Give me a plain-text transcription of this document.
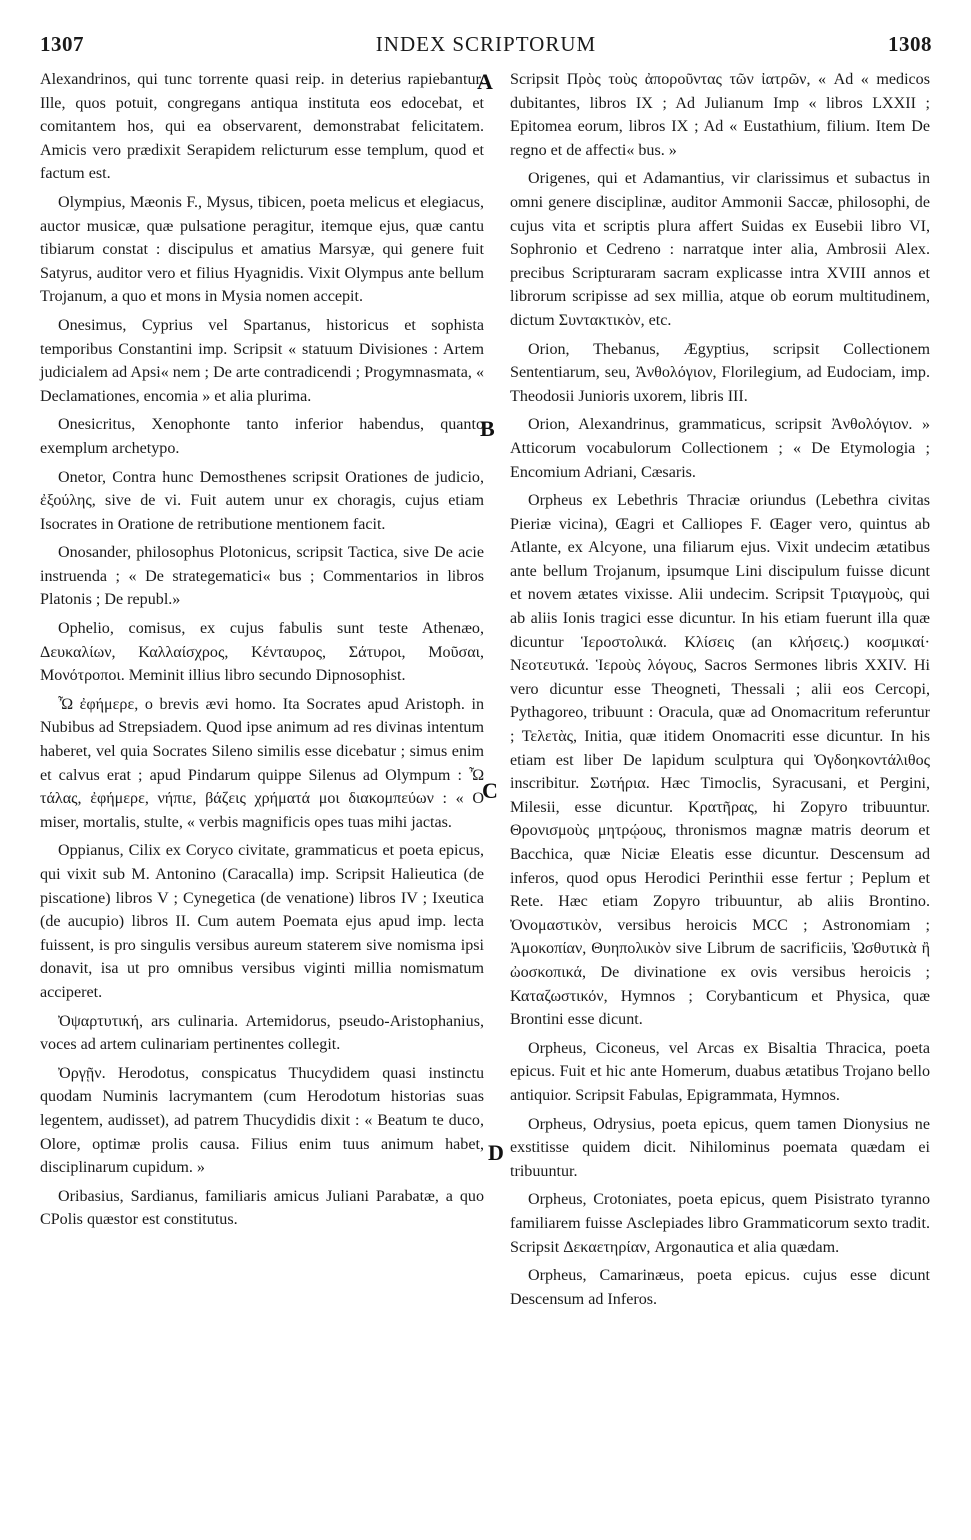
1307	INDEX SCRIPTORUM	1308
A
B
C
D

Alexandrinos, qui tunc torrente quasi reip. in deterius rapiebantur. Ille, quos potuit, congregans antiqua instituta eos edocebat, et comitantem hos, qui ea observarent, demonstrabat felicitatem. Amicis vero prædixit Serapidem relicturum esse templum, quod et factum est.

Olympius, Mæonis F., Mysus, tibicen, poeta melicus et elegiacus, auctor musicæ, quæ pulsatione peragitur, itemque ejus, quæ cantu tibiarum constat : discipulus et amatius Marsyæ, qui genere fuit Satyrus, auditor vero et filius Hyagnidis. Vixit Olympus ante bellum Trojanum, a quo et mons in Mysia nomen accepit.

Onesimus, Cyprius vel Spartanus, historicus et sophista temporibus Constantini imp. Scripsit « statuum Divisiones : Artem judicialem ad Apsi« nem ; De arte contradicendi ; Progymnasmata, « Declamationes, encomia » et alia plurima.

Onesicritus, Xenophonte tanto inferior habendus, quanto exemplum archetypo.

Onetor, Contra hunc Demosthenes scripsit Orationes de judicio, ἐξούλης, sive de vi. Fuit autem unur ex choragis, cujus etiam Isocrates in Oratione de retributione mentionem facit.

Onosander, philosophus Plotonicus, scripsit Tactica, sive De acie instruenda ; « De strategematici« bus ; Commentarios in libros Platonis ; De republ.»

Ophelio, comisus, ex cujus fabulis sunt teste Athenæo, Δευκαλίων, Καλλαίσχρος, Κένταυρος, Σάτυροι, Μοῦσαι, Μονότροποι. Meminit illius libro secundo Dipnosophist.

Ὦ ἐφήμερε, o brevis ævi homo. Ita Socrates apud Aristoph. in Nubibus ad Strepsiadem. Quod ipse animum ad res divinas intentum haberet, vel quia Socrates Sileno similis esse dicebatur ; simus enim et calvus erat ; apud Pindarum quippe Silenus ad Olympum : Ὦ τάλας, ἐφήμερε, νήπιε, βάζεις χρήματά μοι διακομπεύων : « O miser, mortalis, stulte, « verbis magnificis opes tuas mihi jactas.

Oppianus, Cilix ex Coryco civitate, grammaticus et poeta epicus, qui vixit sub M. Antonino (Caracalla) imp. Scripsit Halieutica (de piscatione) libros V ; Cynegetica (de venatione) libros IV ; Ixeutica (de aucupio) libros II. Cum autem Poemata ejus apud imp. lecta fuissent, is pro singulis versibus aureum staterem sive nomisma ipsi donavit, isa ut pro omnibus versibus viginti millia nomismatum acciperet.

Ὀψαρτυτική, ars culinaria. Artemidorus, pseudo-Aristophanius, voces ad artem culinariam pertinentes collegit.

Ὀργῇν. Herodotus, conspicatus Thucydidem quasi instinctu quodam Numinis lacrymantem (cum Herodotum historias suas legentem, audisset), ad patrem Thucydidis dixit : « Beatum te duco, Olore, optimæ prolis causa. Filius enim tuus animum habet, disciplinarum cupidum. »

Oribasius, Sardianus, familiaris amicus Juliani Parabatæ, a quo CPolis quæstor est constitutus.

Scripsit Πρὸς τοὺς ἀπορoῦντας τῶν ἰατρῶν, « Ad « medicos dubitantes, libros IX ; Ad Julianum Imp « libros LXXII ; Epitomea eorum, libros IX ; Ad « Eustathium, filium. Item De regno et de affecti« bus. »

Origenes, qui et Adamantius, vir clarissimus et subactus in omni genere disciplinæ, auditor Ammonii Saccæ, philosophi, de cujus vita et scriptis plura affert Suidas ex Eusebii libro VI, Sophronio et Cedreno : narratque inter alia, Ambrosii Alex. precibus Scripturaram sacram explicasse intra XVIII annos et librorum scripisse ad sex millia, atque ob eorum multitudinem, dictum Συντακτικὸν, etc.

Orion, Thebanus, Ægyptius, scripsit Collectionem Sententiarum, seu, Ἀνθολόγιον, Florilegium, ad Eudociam, imp. Theodosii Junioris uxorem, libris III.

Orion, Alexandrinus, grammaticus, scripsit Ἀνθολόγιον. » Atticorum vocabulorum Collectionem ; « De Etymologia ; Encomium Adriani, Cæsaris.

Orpheus ex Lebethris Thraciæ oriundus (Lebethra civitas Pieriæ vicina), Œagri et Calliopes F. Œager vero, quintus ab Atlante, ex Alcyone, una filiarum ejus. Vixit undecim ætatibus ante bellum Trojanum, ipsumque Lini discipulum fuisse dicunt et novem ætates vixisse. Alii undecim. Scripsit Τριαγμοὺς, qui ab aliis Ionis tragici esse dicuntur. In his etiam fuerunt illa quæ dicuntur Ἱεροστολικά. Κλίσεις (an κλήσεις.) κοσμικαί· Νεοτευτικά. Ἱεροὺς λόγους, Sacros Sermones libris XXIV. Hi vero dicuntur esse Theogneti, Thessali ; alii eos Cercopi, Pythagoreo, tribuunt : Oracula, quæ ad Onomacritum referuntur ; Τελετὰς, Initia, quæ itidem Onomacriti esse dicuntur. In his etiam est liber De lapidum sculptura qui Ὀγδοηκοντάλιθος inscribitur. Σωτήρια. Hæc Timoclis, Syracusani, et Pergini, Milesii, esse dicuntur. Κρατῆρας, hi Zopyro tribuuntur. Θρονισμοὺς μητρῴους, thronismos magnæ matris deorum et Bacchica, quæ Niciæ Eleatis esse dicuntur. Descensum ad inferos, quod opus Herodici Perinthii esse fertur ; Peplum et Rete. Hæc etiam Zopyro tribuuntur, ab aliis Brontino. Ὀνομαστικὸν, versibus heroicis MCC ; Astronomiam ; Ἀμοκοπίαν, Θυηπολικὸν sive Librum de sacrificiis, Ὠσθυτικὰ ἢ ὠοσκοπικά, De divinatione ex ovis versibus heroicis ; Καταζωστικόν, Hymnos ; Corybanticum et Physica, quæ Brontini esse dicunt.

Orpheus, Ciconeus, vel Arcas ex Bisaltia Thracica, poeta epicus. Fuit et hic ante Homerum, duabus ætatibus Trojano bello antiquior. Scripsit Fabulas, Epigrammata, Hymnos.

Orpheus, Odrysius, poeta epicus, quem tamen Dionysius ne exstitisse quidem dicit. Nihilominus poemata quædam ei tribuuntur.

Orpheus, Crotoniates, poeta epicus, quem Pisistrato tyranno familiarem fuisse Asclepiades libro Grammaticorum sexto tradit. Scripsit Δεκαετηρίαν, Argonautica et alia quædam.

Orpheus, Camarinæus, poeta epicus. cujus esse dicunt Descensum ad Inferos.
